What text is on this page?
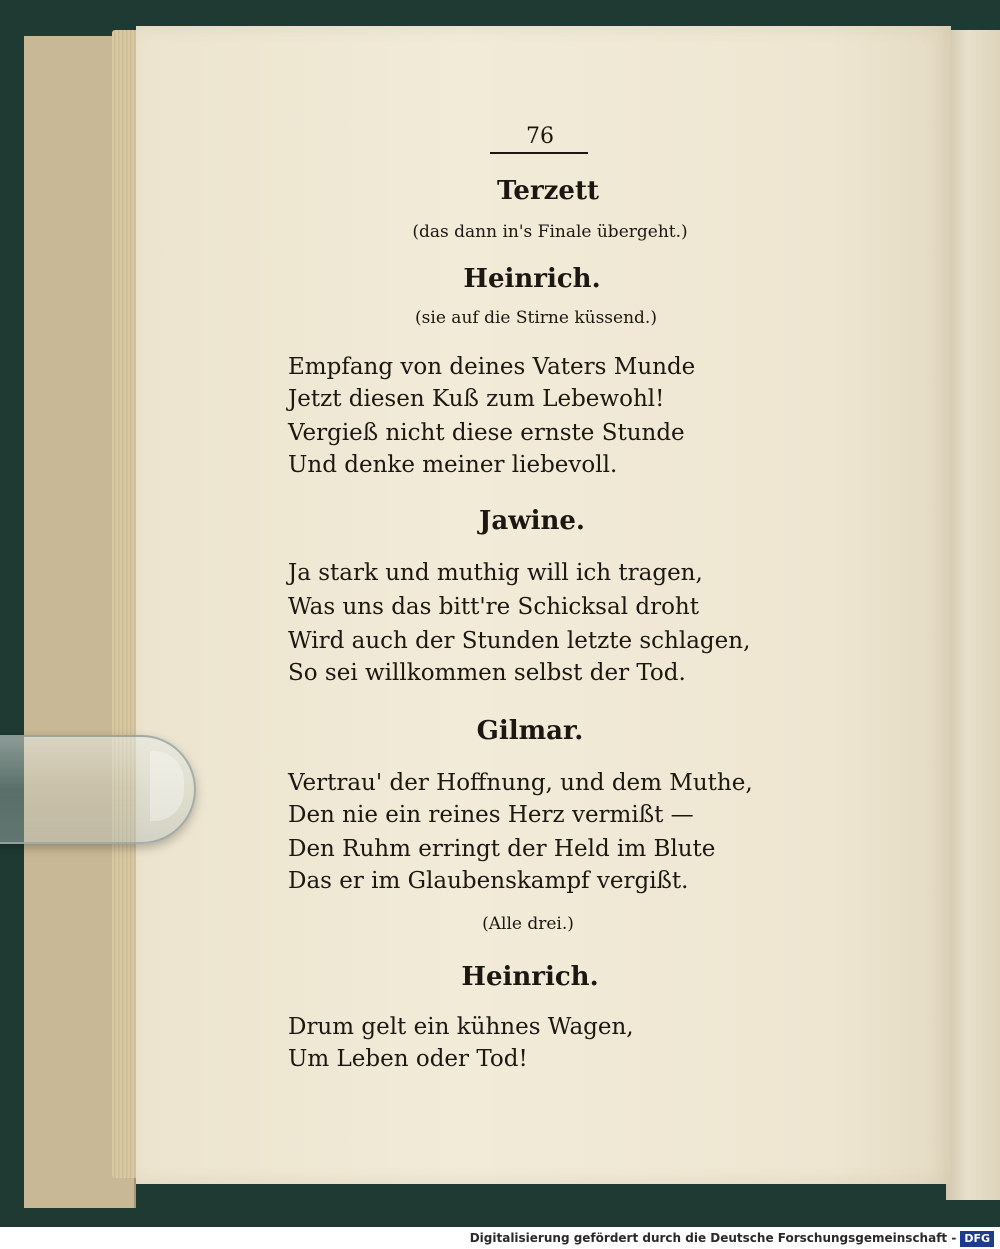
76
Terzett
(das dann in's Finale übergeht.)
Heinrich.
(sie auf die Stirne küssend.)
Empfang von deines Vaters Munde
Jetzt diesen Kuß zum Lebewohl!
Vergieß nicht diese ernste Stunde
Und denke meiner liebevoll.
Jawine.
Ja stark und muthig will ich tragen,
Was uns das bitt're Schicksal droht
Wird auch der Stunden letzte schlagen,
So sei willkommen selbst der Tod.
Gilmar.
Vertrau' der Hoffnung, und dem Muthe,
Den nie ein reines Herz vermißt —
Den Ruhm erringt der Held im Blute
Das er im Glaubenskampf vergißt.
(Alle drei.)
Heinrich.
Drum gelt ein kühnes Wagen,
Um Leben oder Tod!
Digitalisierung gefördert durch die Deutsche Forschungsgemeinschaft - DFG
